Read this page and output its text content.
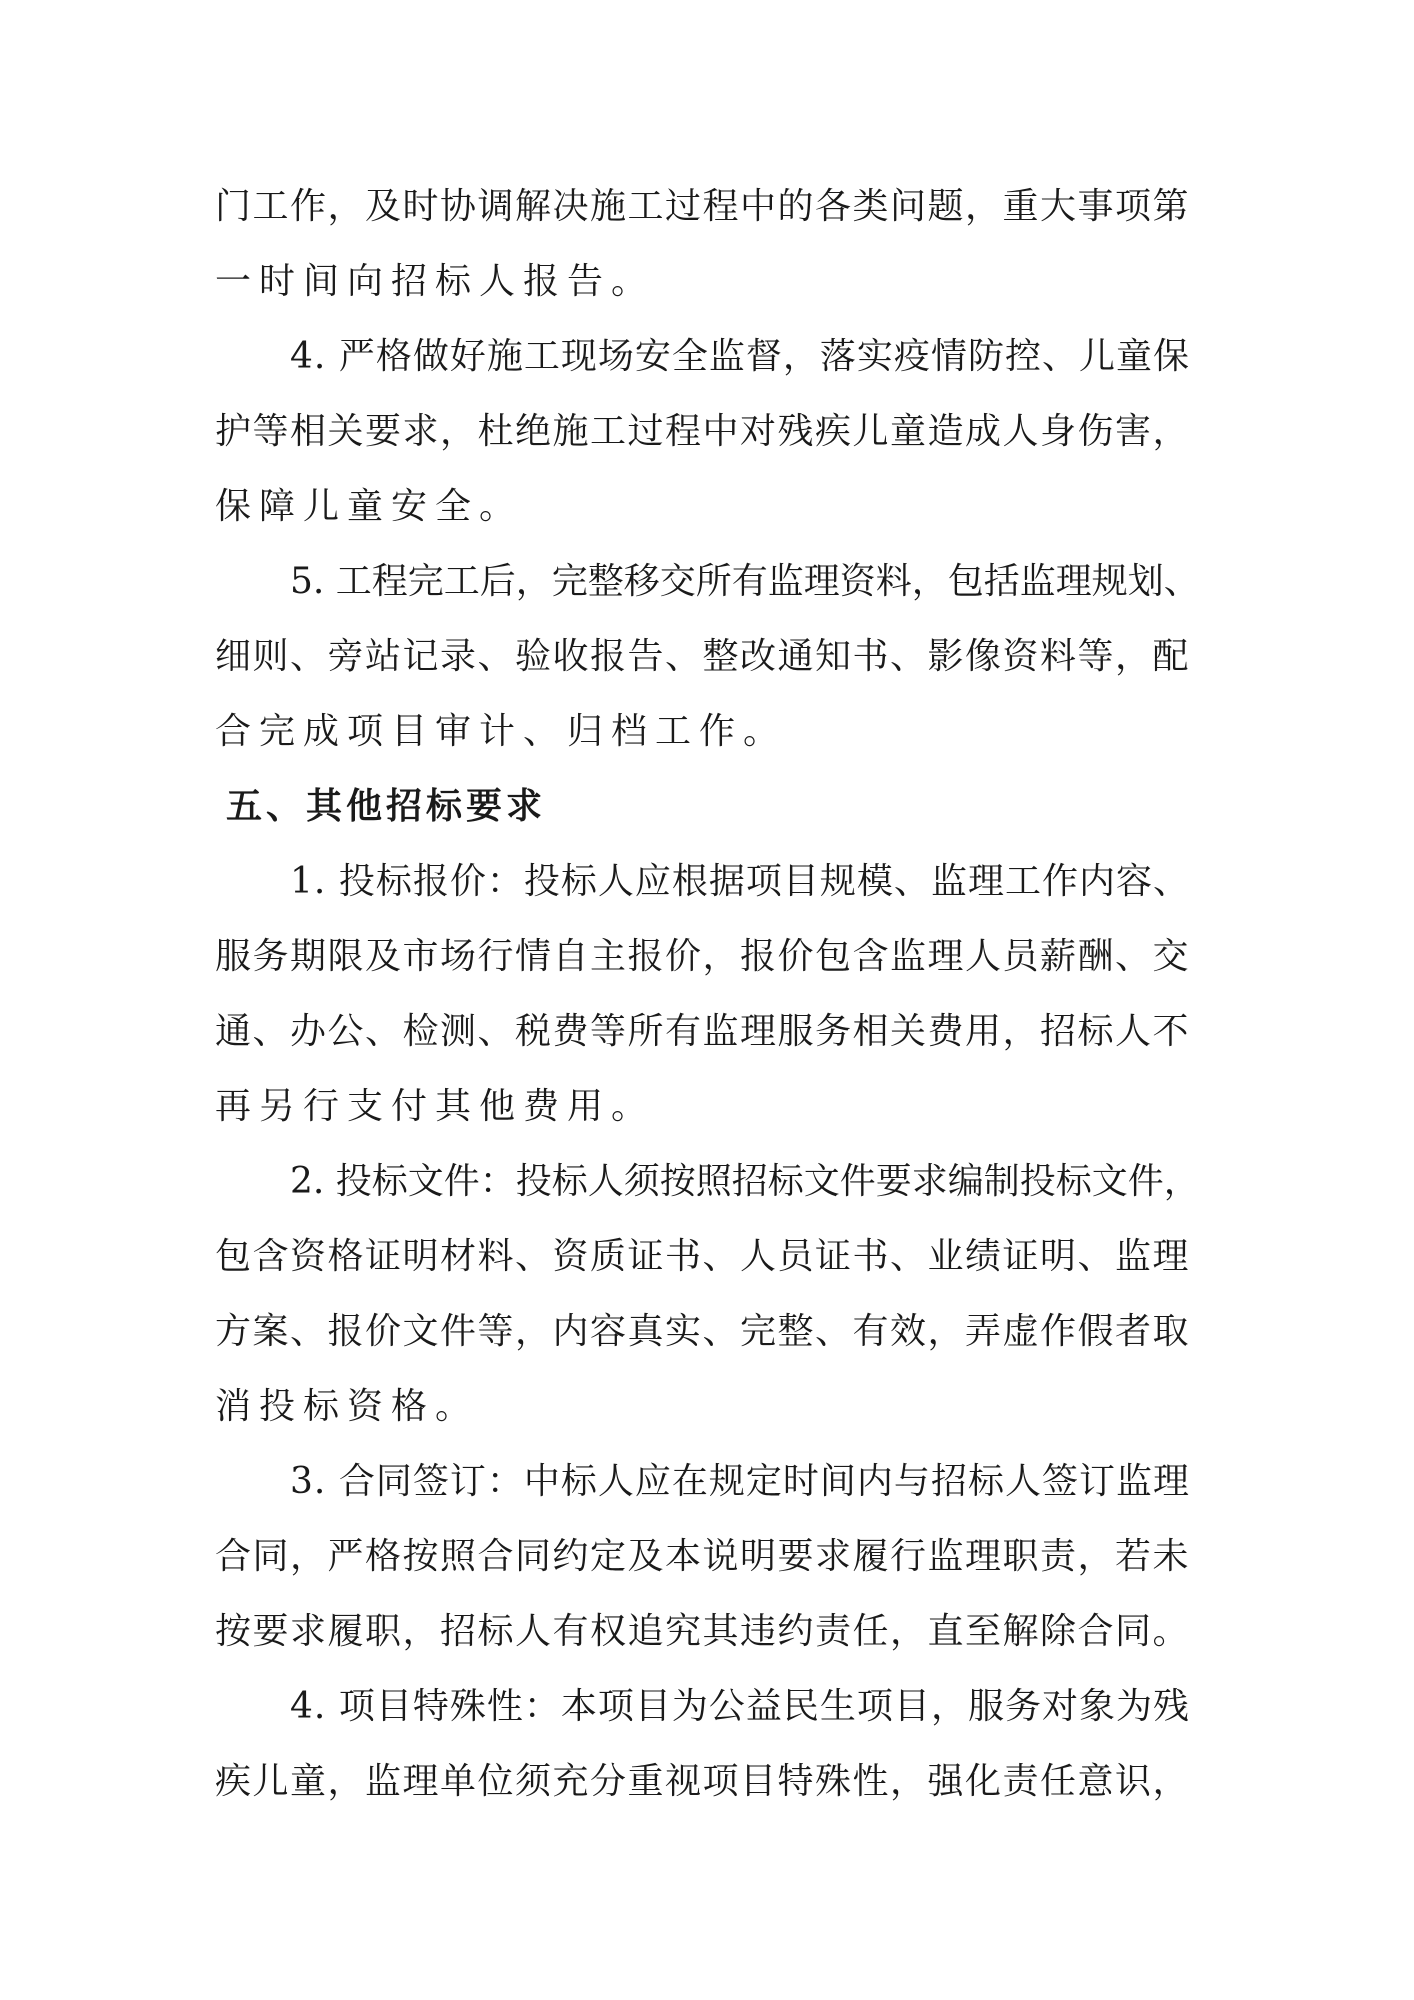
门工作，及时协调解决施工过程中的各类问题，重大事项第
一时间向招标人报告。
4. 严格做好施工现场安全监督，落实疫情防控、儿童保
护等相关要求，杜绝施工过程中对残疾儿童造成人身伤害，
保障儿童安全。
5. 工程完工后，完整移交所有监理资料，包括监理规划、
细则、旁站记录、验收报告、整改通知书、影像资料等，配
合完成项目审计、归档工作。
五、其他招标要求
1. 投标报价：投标人应根据项目规模、监理工作内容、
服务期限及市场行情自主报价，报价包含监理人员薪酬、交
通、办公、检测、税费等所有监理服务相关费用，招标人不
再另行支付其他费用。
2. 投标文件：投标人须按照招标文件要求编制投标文件，
包含资格证明材料、资质证书、人员证书、业绩证明、监理
方案、报价文件等，内容真实、完整、有效，弄虚作假者取
消投标资格。
3. 合同签订：中标人应在规定时间内与招标人签订监理
合同，严格按照合同约定及本说明要求履行监理职责，若未
按要求履职，招标人有权追究其违约责任，直至解除合同。
4. 项目特殊性：本项目为公益民生项目，服务对象为残
疾儿童，监理单位须充分重视项目特殊性，强化责任意识，
